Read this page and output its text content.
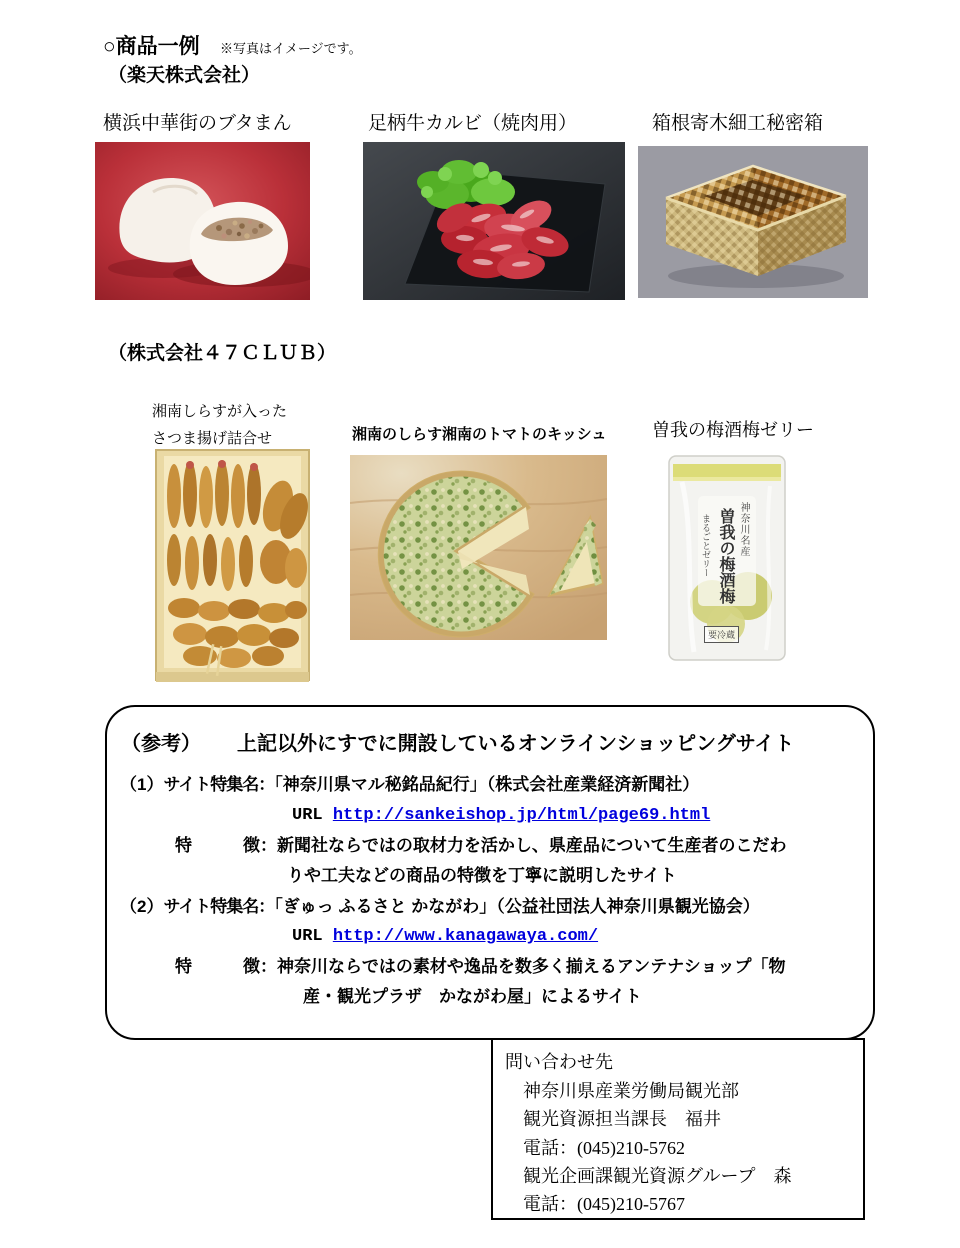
○商品一例 ※写真はイメージです。
（楽天株式会社）
横浜中華街のブタまん	足柄牛カルビ（焼肉用）	箱根寄木細工秘密箱
（株式会社４７ＣＬＵＢ）
湘南しらすが入った
さつま揚げ詰合せ	湘南のしらす湘南のトマトのキッシュ	曽我の梅酒梅ゼリー
神奈川名産
曽我の梅酒梅
まるごとゼリー
要冷蔵
（参考） 上記以外にすでに開設しているオンラインショッピングサイト
（1）サイト特集名：「神奈川県マル秘銘品紀行」（株式会社産業経済新聞社）
URL http://sankeishop.jp/html/page69.html
特　　　徴：新聞社ならではの取材力を活かし、県産品について生産者のこだわ
りや工夫などの商品の特徴を丁寧に説明したサイト
（2）サイト特集名：「ぎゅっ ふるさと かながわ」（公益社団法人神奈川県観光協会）
URL http://www.kanagawaya.com/
特　　　徴：神奈川ならではの素材や逸品を数多く揃えるアンテナショップ「物
産・観光プラザ　かながわ屋」によるサイト
問い合わせ先
神奈川県産業労働局観光部
観光資源担当課長　福井
電話：(045)210-5762
観光企画課観光資源グループ　森
電話：(045)210-5767
